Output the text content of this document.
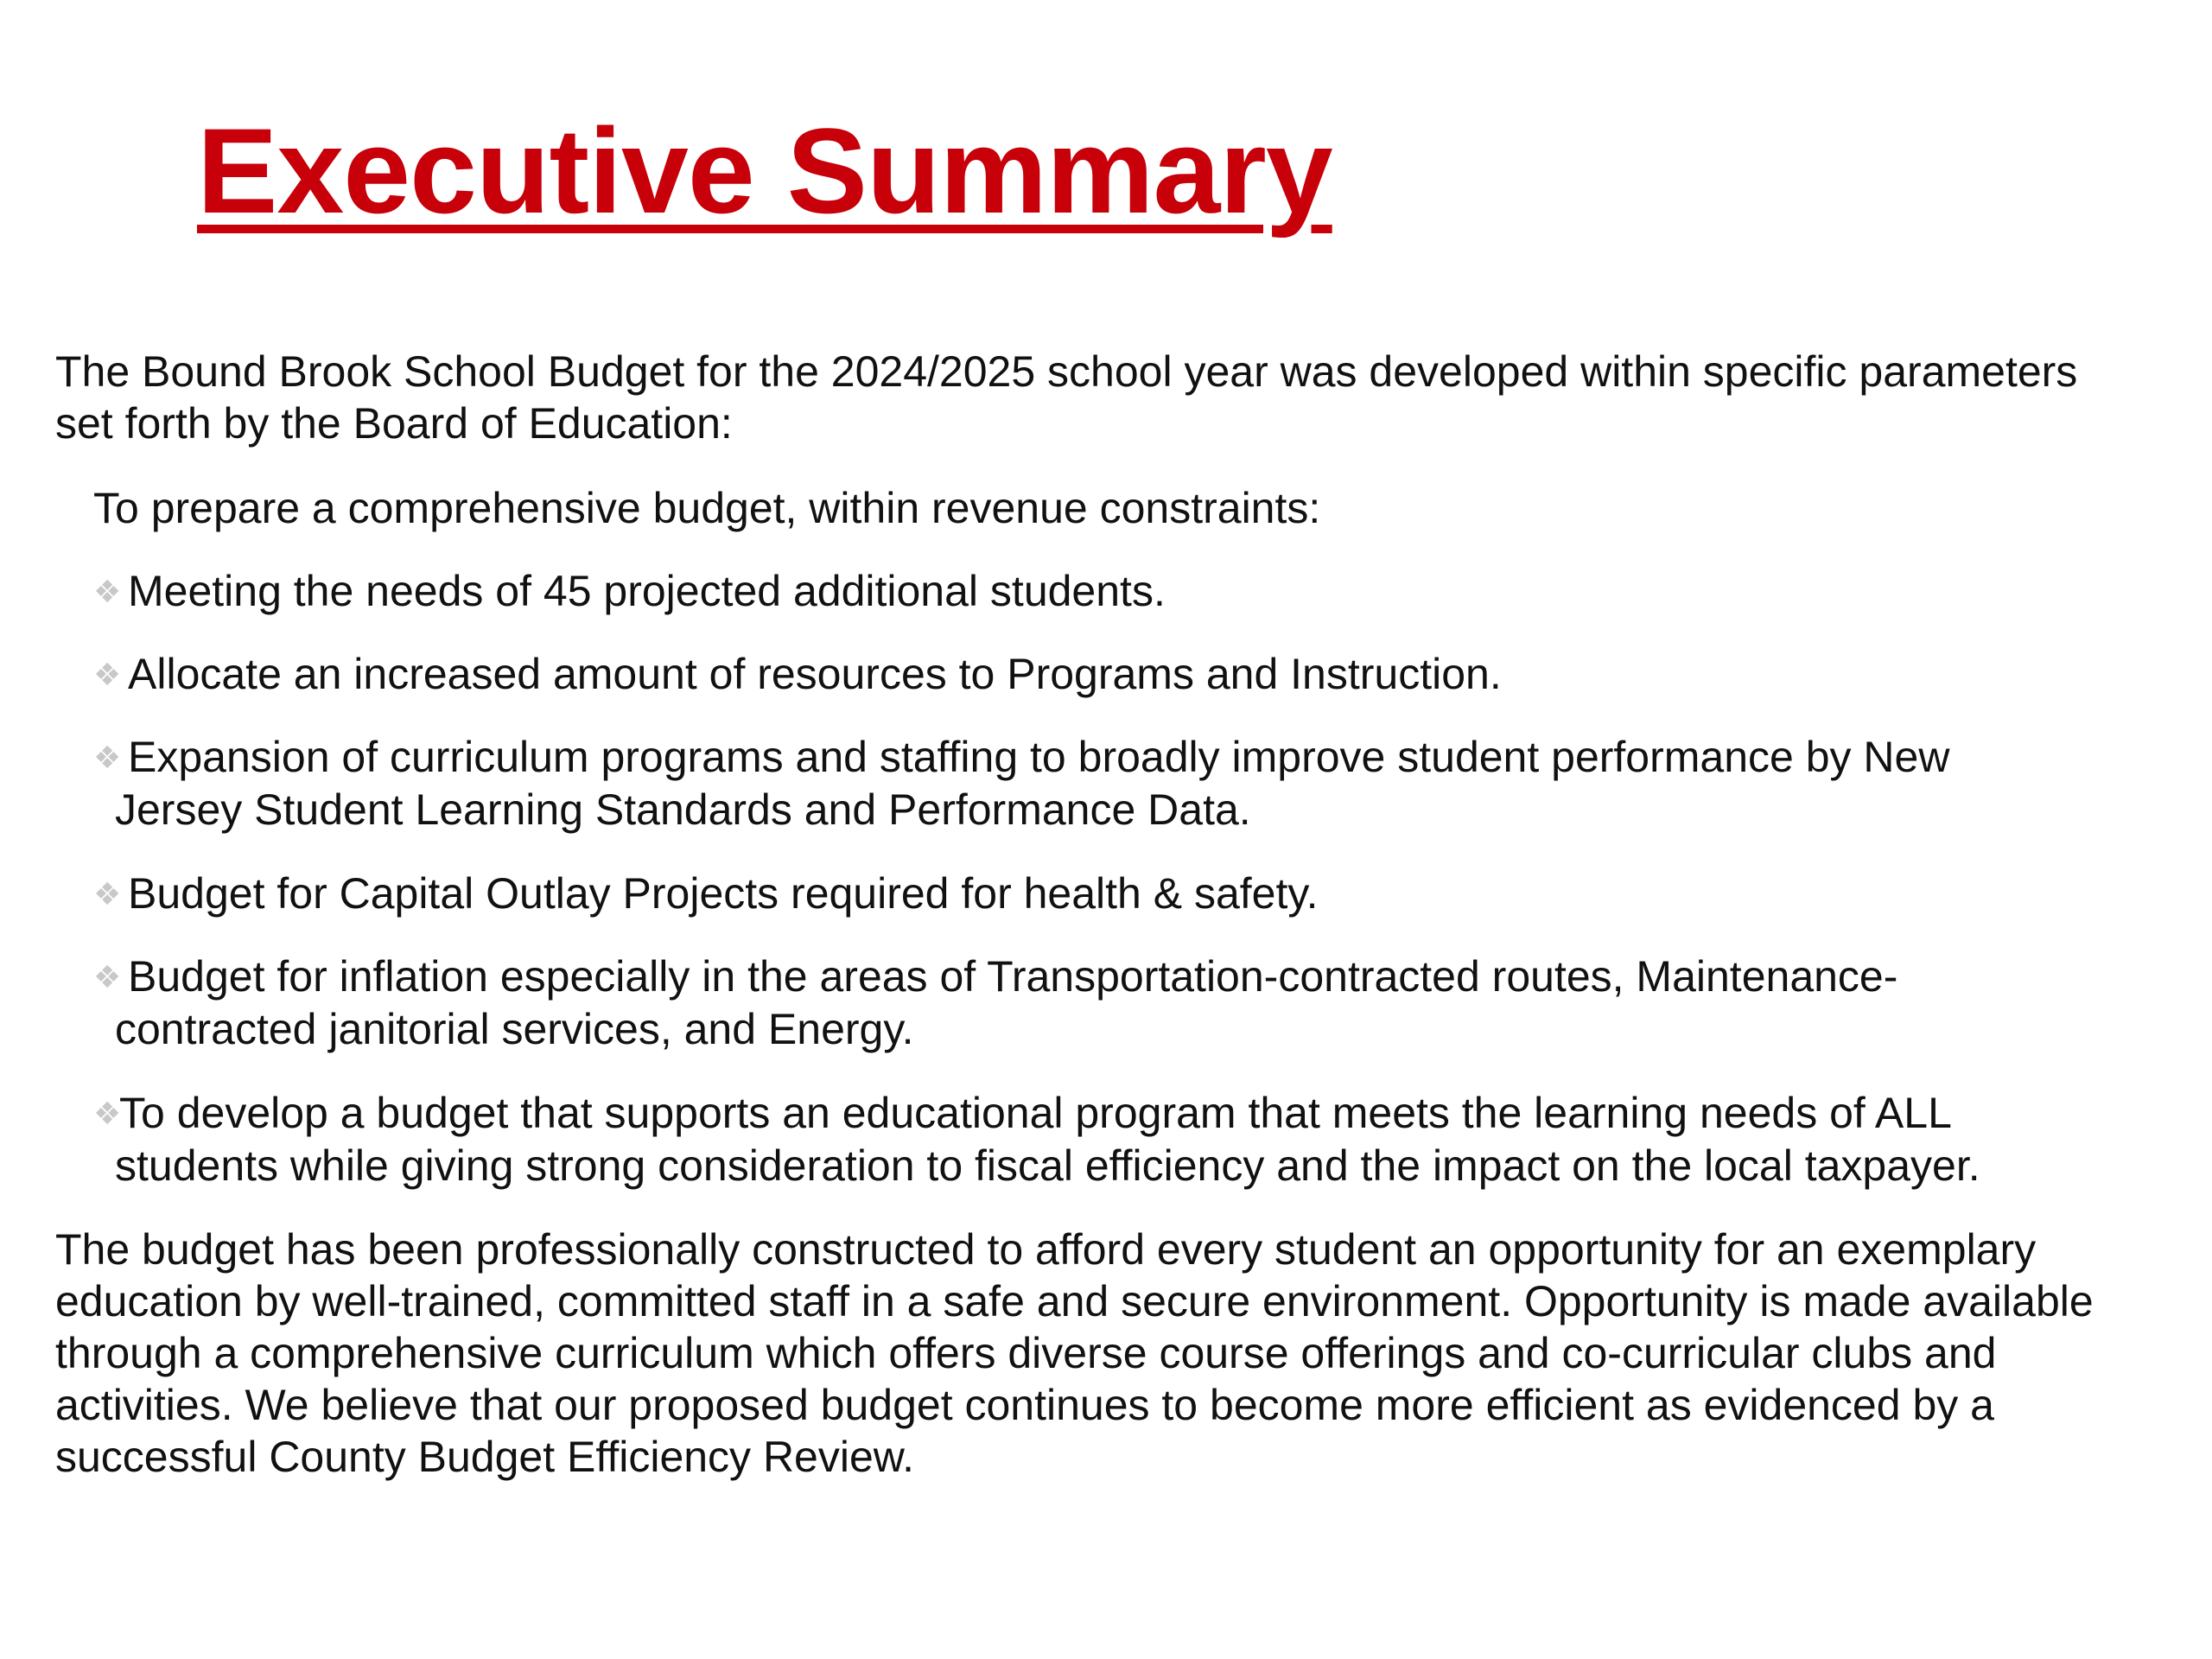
Executive Summary

The Bound Brook School Budget for the 2024/2025 school year was developed within specific parameters set forth by the Board of Education:

To prepare a comprehensive budget, within revenue constraints:

❖ Meeting the needs of 45 projected additional students.

❖ Allocate an increased amount of resources to Programs and Instruction.

❖ Expansion of curriculum programs and staffing to broadly improve student performance by New Jersey Student Learning Standards and Performance Data.

❖ Budget for Capital Outlay Projects required for health & safety.

❖ Budget for inflation especially in the areas of Transportation-contracted routes, Maintenance-contracted janitorial services, and Energy.

❖To develop a budget that supports an educational program that meets the learning needs of ALL students while giving strong consideration to fiscal efficiency and the impact on the local taxpayer.

The budget has been professionally constructed to afford every student an opportunity for an exemplary education by well-trained, committed staff in a safe and secure environment. Opportunity is made available through a comprehensive curriculum which offers diverse course offerings and co-curricular clubs and activities. We believe that our proposed budget continues to become more efficient as evidenced by a successful County Budget Efficiency Review.
